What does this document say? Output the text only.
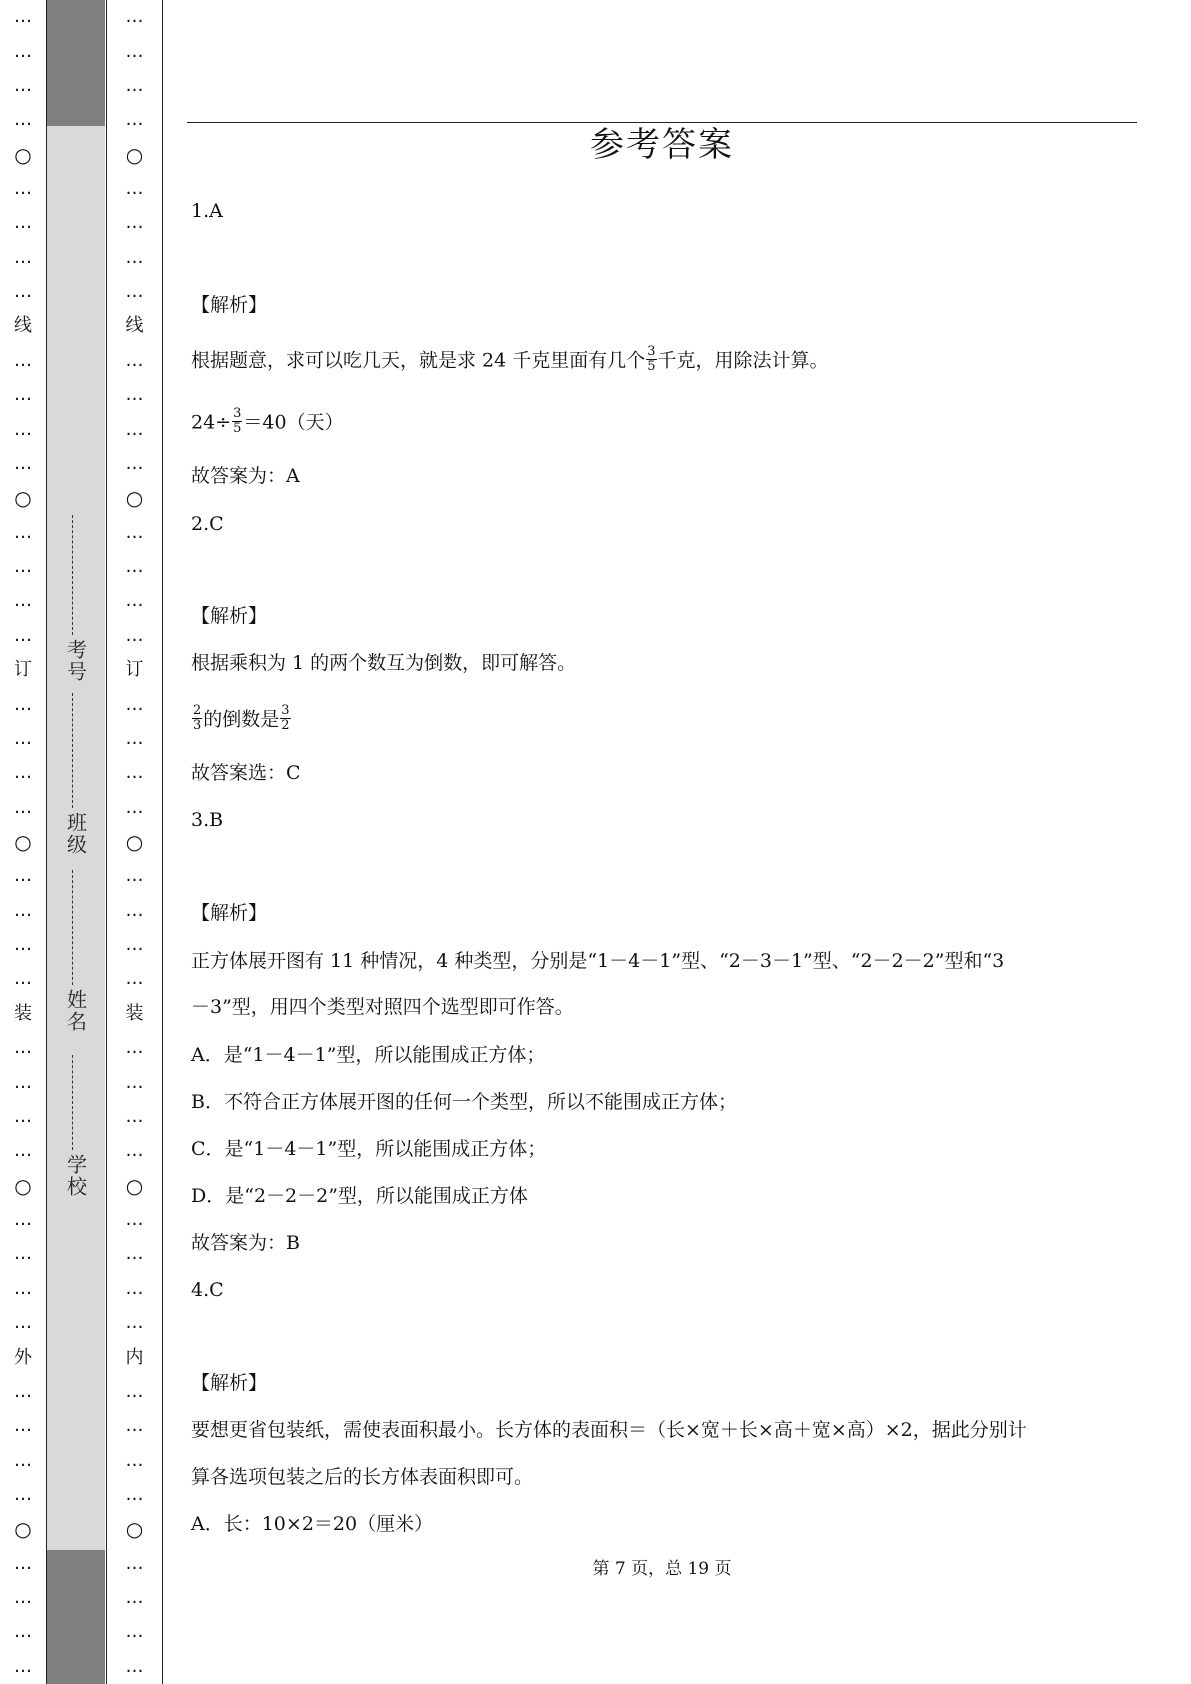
…
…
…
…
○
…
…
…
…
线
…
…
…
…
○
…
…
…
…
订
…
…
…
…
○
…
…
…
…
装
…
…
…
…
○
…
…
…
…
外
…
…
…
…
○
…
…
…
…
考号
班级
姓名
学校
…
…
…
…
○
…
…
…
…
线
…
…
…
…
○
…
…
…
…
订
…
…
…
…
○
…
…
…
…
装
…
…
…
…
○
…
…
…
…
内
…
…
…
…
○
…
…
…
…
参考答案
1.A
【解析】
根据题意，求可以吃几天，就是求 24 千克里面有几个 $\frac{3}{5}$ 千克，用除法计算。
$24\div \frac{3}{5} =40$（天）
故答案为：A
2.C
【解析】
根据乘积为 1 的两个数互为倒数，即可解答。
$\frac{2}{3}$ 的倒数是 $\frac{3}{2}$
故答案选：C
3.B
【解析】
正方体展开图有 11 种情况，4 种类型，分别是“1－4－1”型、“2－3－1”型、“2－2－2”型和“3
－3”型，用四个类型对照四个选型即可作答。
A．是“1－4－1”型，所以能围成正方体；
B．不符合正方体展开图的任何一个类型，所以不能围成正方体；
C．是“1－4－1”型，所以能围成正方体；
D．是“2－2－2”型，所以能围成正方体
故答案为：B
4.C
【解析】
要想更省包装纸，需使表面积最小。长方体的表面积＝（长×宽＋长×高＋宽×高）×2，据此分别计
算各选项包装之后的长方体表面积即可。
A．长：10×2＝20（厘米）
第 7 页，总 19 页
